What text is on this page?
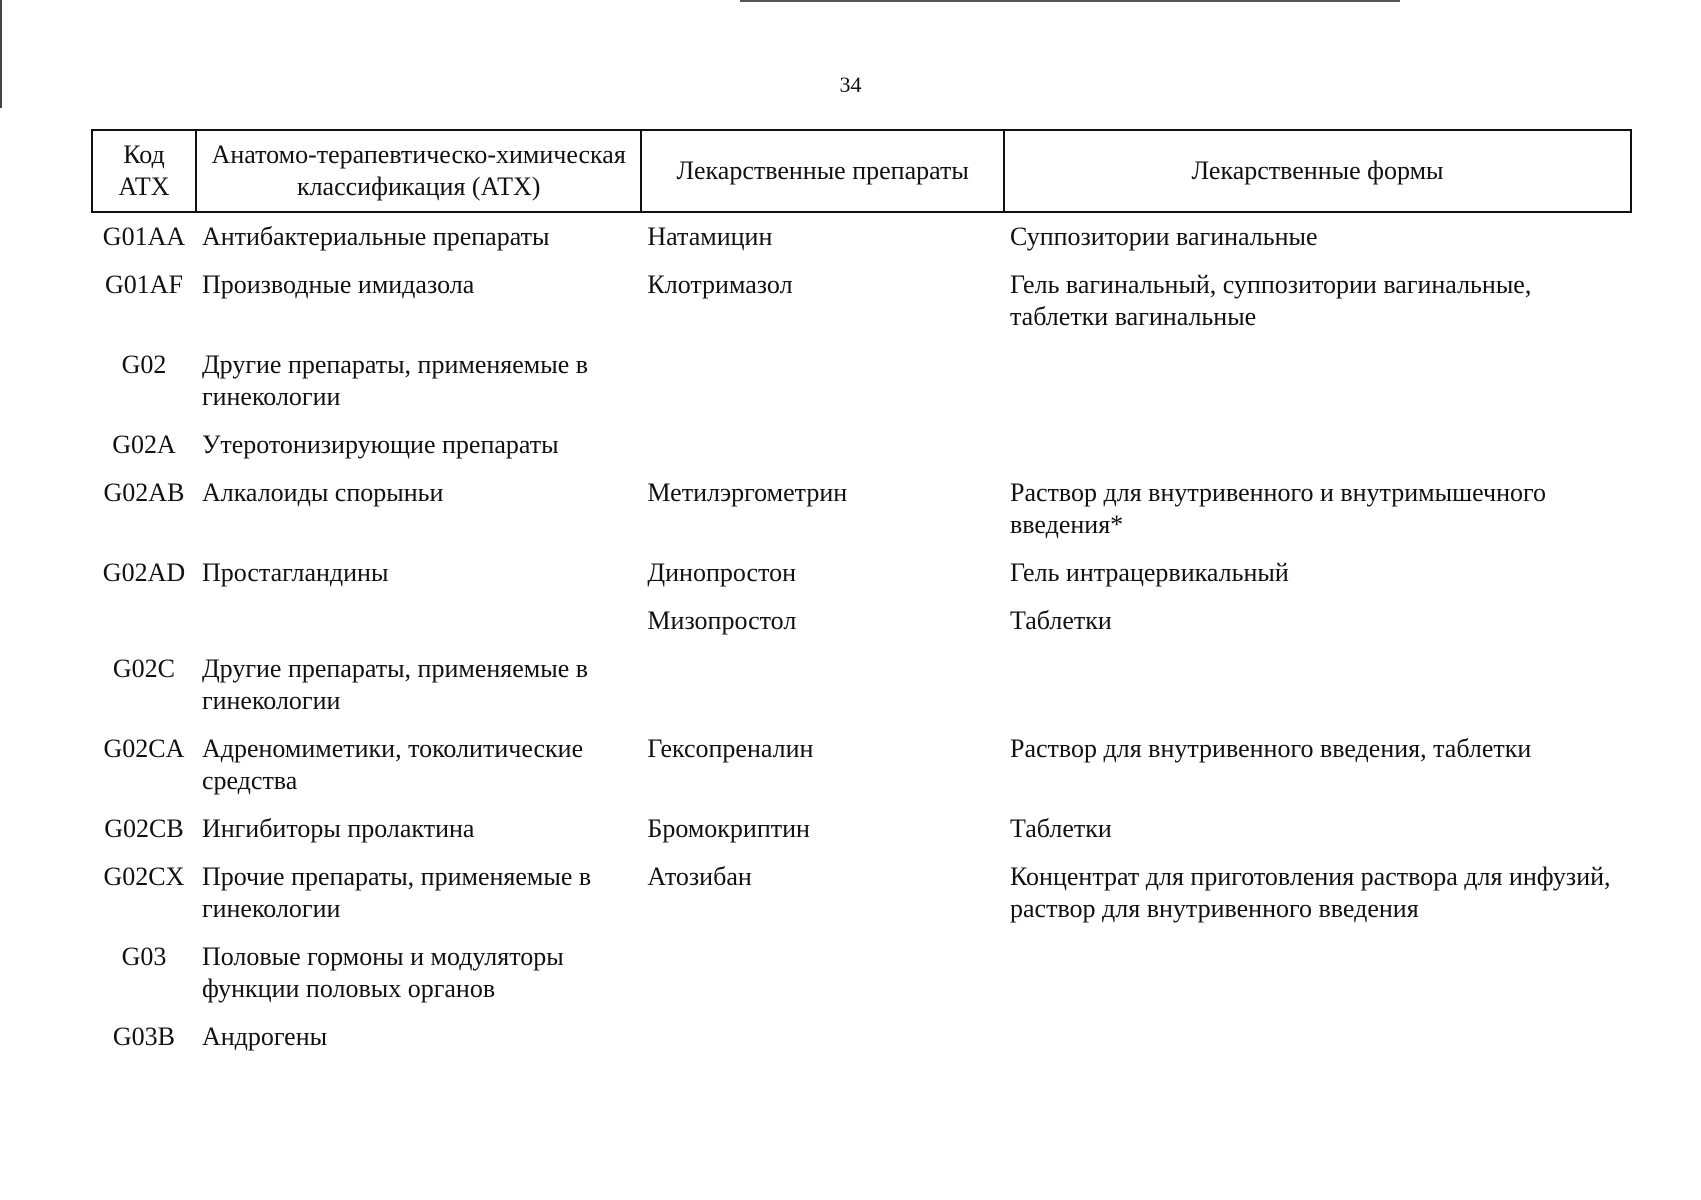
34
Код АТХ	Анатомо-терапевтическо-химическая классификация (АТХ)	Лекарственные препараты	Лекарственные формы
G01AA	Антибактериальные препараты	Натамицин	Суппозитории вагинальные
G01AF	Производные имидазола	Клотримазол	Гель вагинальный, суппозитории вагинальные, таблетки вагинальные
G02	Другие препараты, применяемые в гинекологии		
G02A	Утеротонизирующие препараты		
G02AB	Алкалоиды спорыньи	Метилэргометрин	Раствор для внутривенного и внутримышечного введения*
G02AD	Простагландины	Динопростон	Гель интрацервикальный
		Мизопростол	Таблетки
G02C	Другие препараты, применяемые в гинекологии		
G02CA	Адреномиметики, токолитические средства	Гексопреналин	Раствор для внутривенного введения, таблетки
G02CB	Ингибиторы пролактина	Бромокриптин	Таблетки
G02CX	Прочие препараты, применяемые в гинекологии	Атозибан	Концентрат для приготовления раствора для инфузий, раствор для внутривенного введения
G03	Половые гормоны и модуляторы функции половых органов		
G03B	Андрогены		
